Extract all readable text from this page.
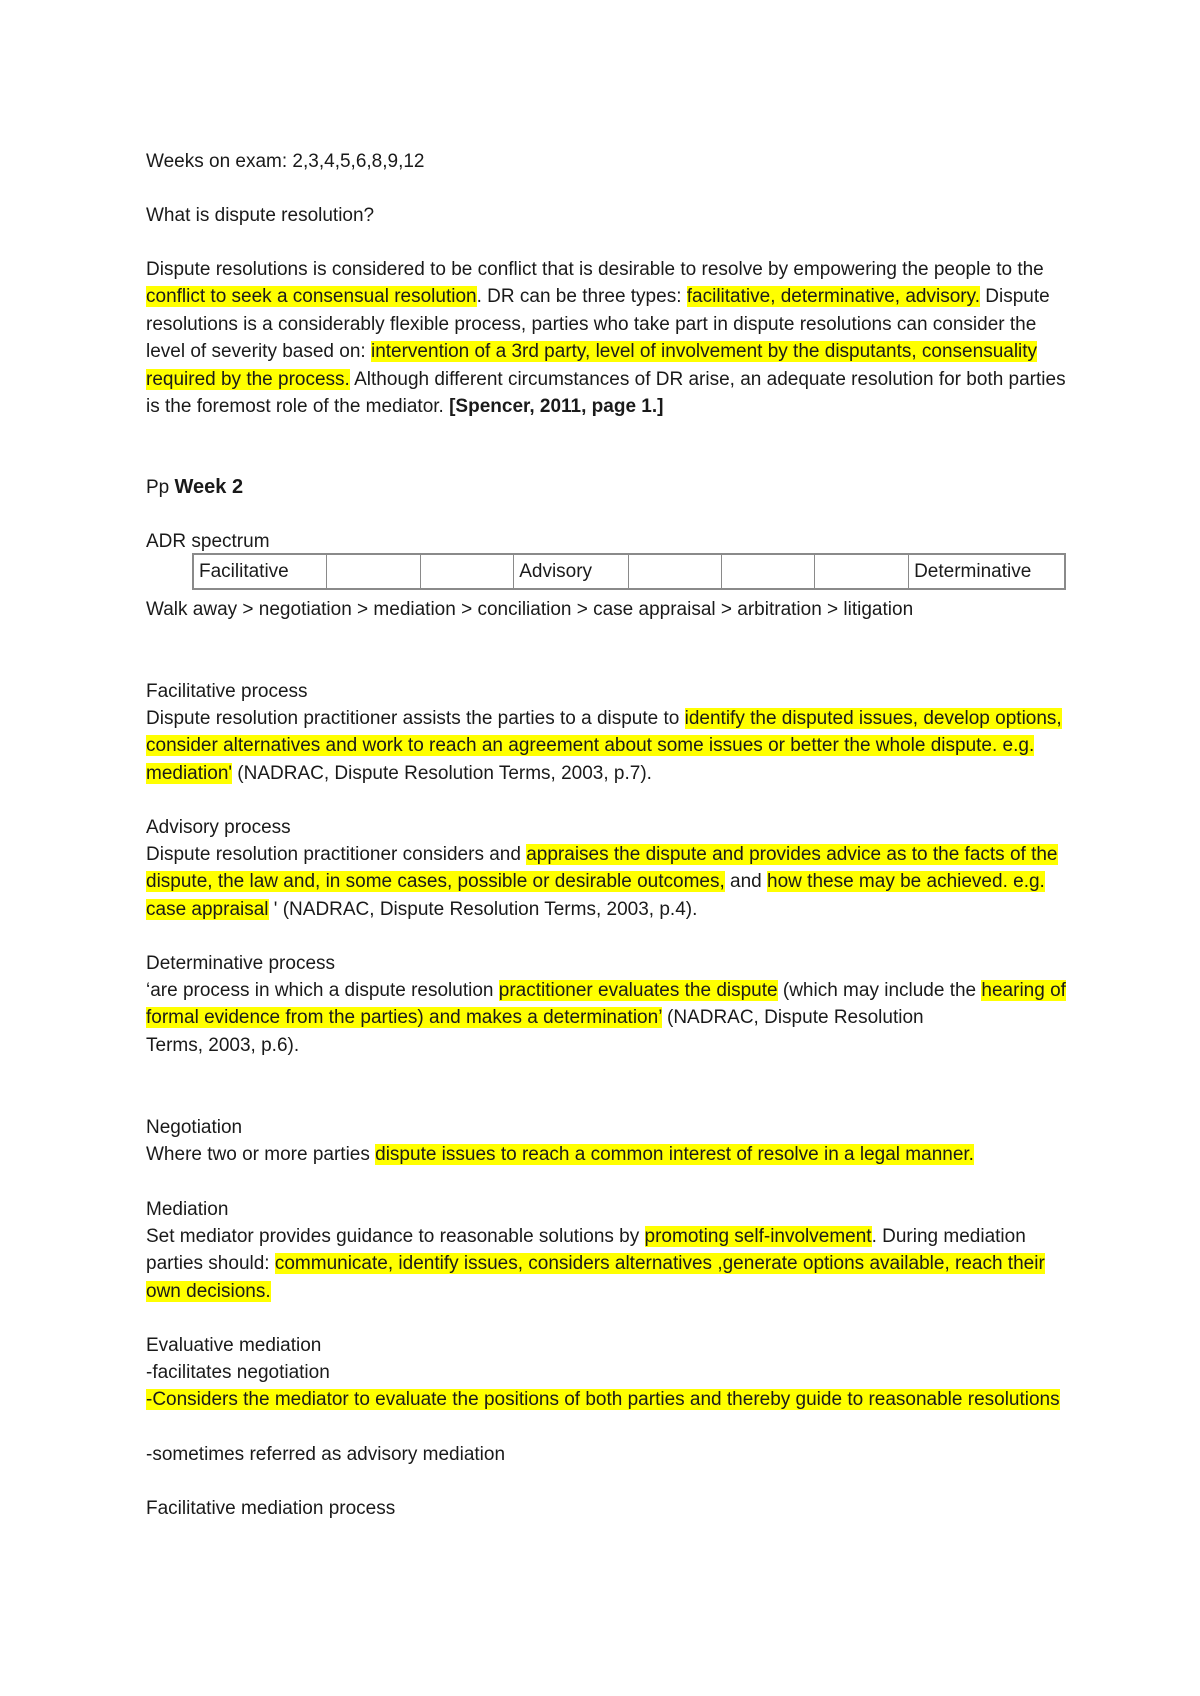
Weeks on exam: 2,3,4,5,6,8,9,12
What is dispute resolution?
Dispute resolutions is considered to be conflict that is desirable to resolve by empowering the people to the conflict to seek a consensual resolution. DR can be three types: facilitative, determinative, advisory. Dispute resolutions is a considerably flexible process, parties who take part in dispute resolutions can consider the level of severity based on: intervention of a 3rd party, level of involvement by the disputants, consensuality required by the process. Although different circumstances of DR arise, an adequate resolution for both parties is the foremost role of the mediator. [Spencer, 2011, page 1.]
Pp Week 2
ADR spectrum
Facilitative			Advisory				Determinative
Walk away > negotiation > mediation > conciliation > case appraisal > arbitration > litigation
Facilitative process
Dispute resolution practitioner assists the parties to a dispute to identify the disputed issues, develop options, consider alternatives and work to reach an agreement about some issues or better the whole dispute. e.g. mediation' (NADRAC, Dispute Resolution Terms, 2003, p.7).
Advisory process
Dispute resolution practitioner considers and appraises the dispute and provides advice as to the facts of the dispute, the law and, in some cases, possible or desirable outcomes, and how these may be achieved. e.g. case appraisal ' (NADRAC, Dispute Resolution Terms, 2003, p.4).
Determinative process
‘are process in which a dispute resolution practitioner evaluates the dispute (which may include the hearing of formal evidence from the parties) and makes a determination’ (NADRAC, Dispute Resolution
Terms, 2003, p.6).
Negotiation
Where two or more parties dispute issues to reach a common interest of resolve in a legal manner.
Mediation
Set mediator provides guidance to reasonable solutions by promoting self-involvement. During mediation parties should: communicate, identify issues, considers alternatives ,generate options available, reach their own decisions.
Evaluative mediation
-facilitates negotiation
-Considers the mediator to evaluate the positions of both parties and thereby guide to reasonable resolutions
-sometimes referred as advisory mediation
Facilitative mediation process
